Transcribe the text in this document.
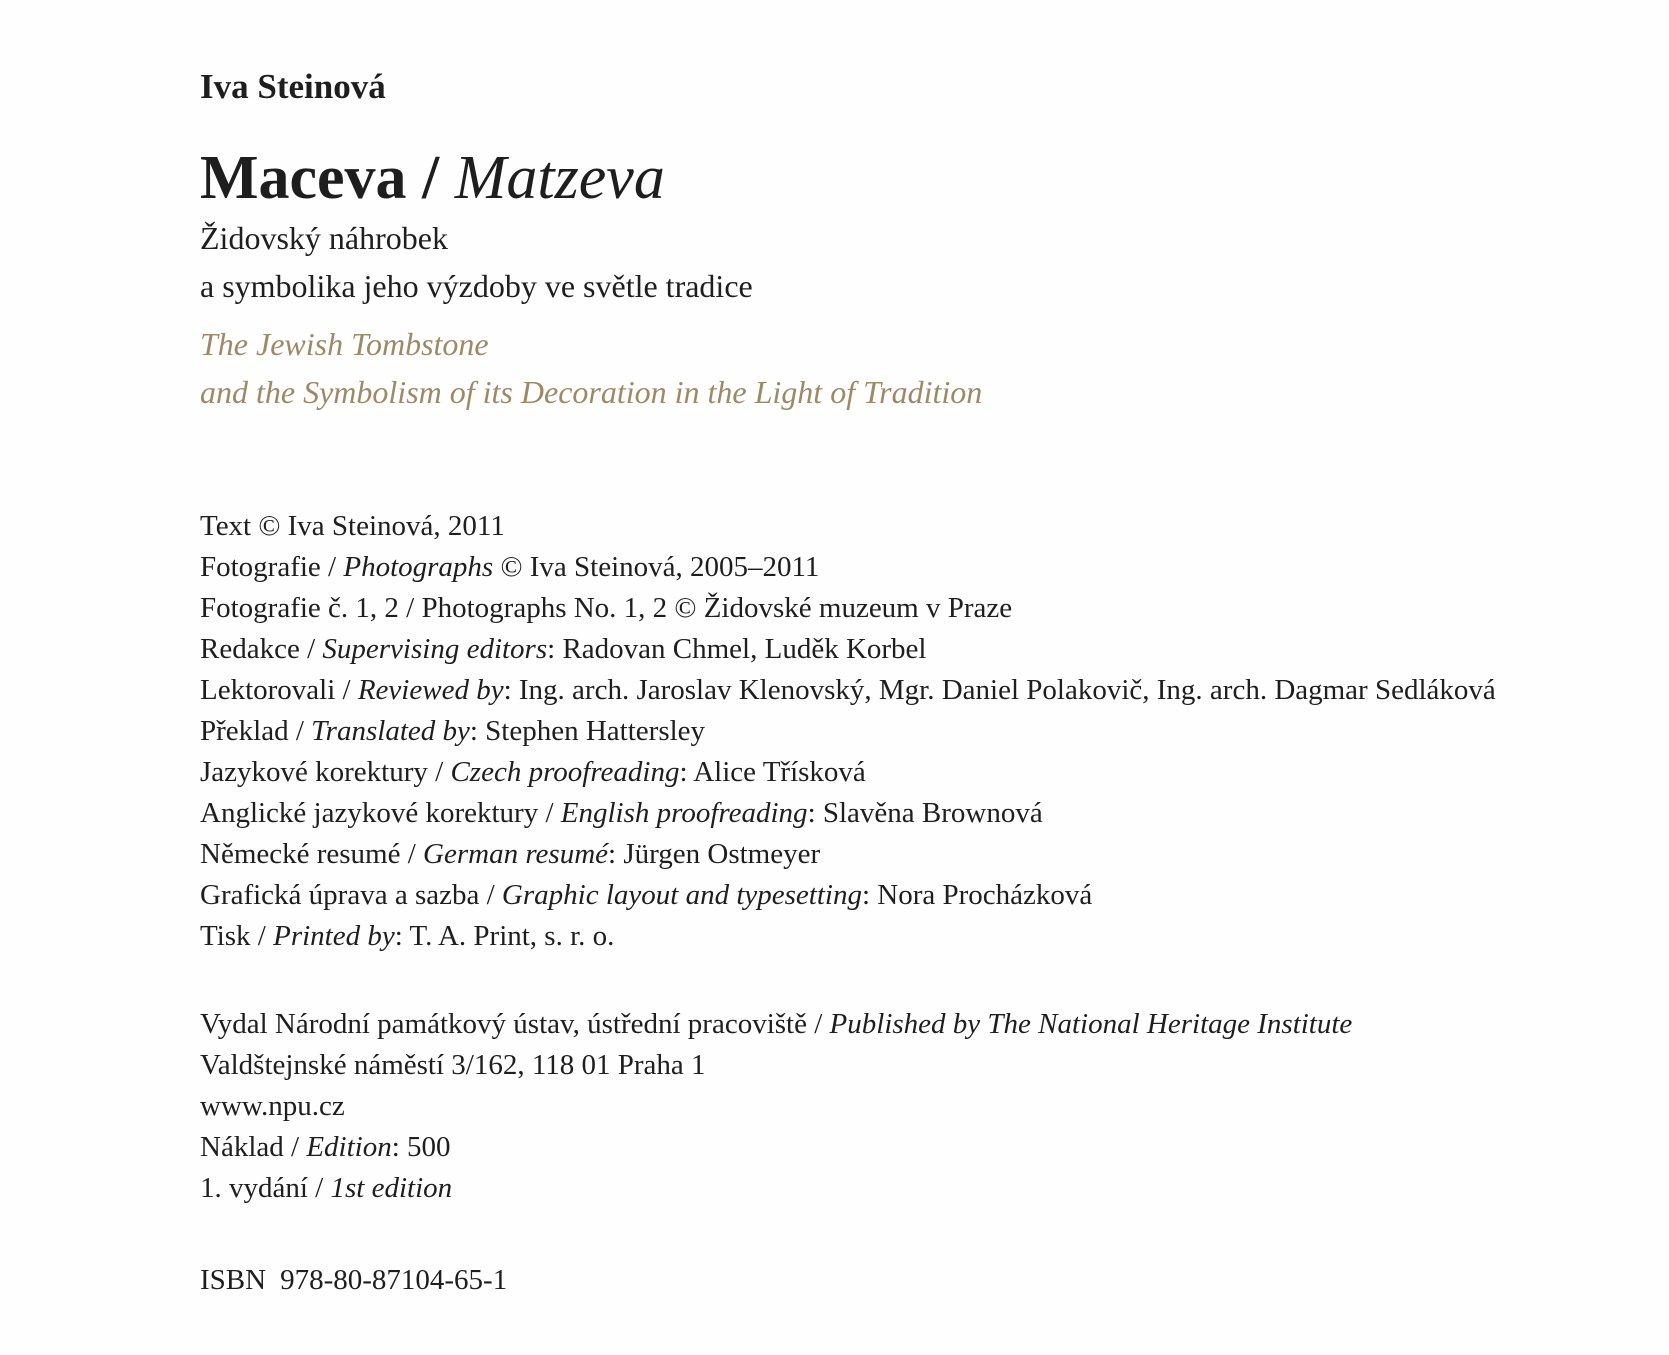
Iva Steinová
Maceva / Matzeva
Židovský náhrobek
a symbolika jeho výzdoby ve světle tradice
The Jewish Tombstone
and the Symbolism of its Decoration in the Light of Tradition
Text © Iva Steinová, 2011
Fotografie / Photographs © Iva Steinová, 2005–2011
Fotografie č. 1, 2 / Photographs No. 1, 2 © Židovské muzeum v Praze
Redakce / Supervising editors: Radovan Chmel, Luděk Korbel
Lektorovali / Reviewed by: Ing. arch. Jaroslav Klenovský, Mgr. Daniel Polakovič, Ing. arch. Dagmar Sedláková
Překlad / Translated by: Stephen Hattersley
Jazykové korektury / Czech proofreading: Alice Třísková
Anglické jazykové korektury / English proofreading: Slavěna Brownová
Německé resumé / German resumé: Jürgen Ostmeyer
Grafická úprava a sazba / Graphic layout and typesetting: Nora Procházková
Tisk / Printed by: T. A. Print, s. r. o.
Vydal Národní památkový ústav, ústřední pracoviště / Published by The National Heritage Institute
Valdštejnské náměstí 3/162, 118 01 Praha 1
www.npu.cz
Náklad / Edition: 500
1. vydání / 1st edition
ISBN 978-80-87104-65-1
